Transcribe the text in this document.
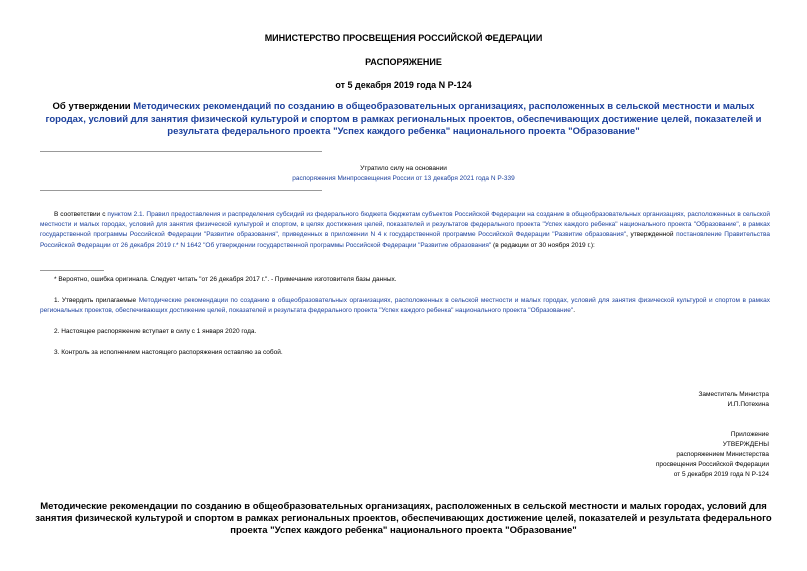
МИНИСТЕРСТВО ПРОСВЕЩЕНИЯ РОССИЙСКОЙ ФЕДЕРАЦИИ
РАСПОРЯЖЕНИЕ
от 5 декабря 2019 года N Р-124
Об утверждении Методических рекомендаций по созданию в общеобразовательных организациях, расположенных в сельской местности и малых городах, условий для занятия физической культурой и спортом в рамках региональных проектов, обеспечивающих достижение целей, показателей и результата федерального проекта "Успех каждого ребенка" национального проекта "Образование"
Утратило силу на основании
распоряжения Минпросвещения России от 13 декабря 2021 года N Р-339
В соответствии с пунктом 2.1. Правил предоставления и распределения субсидий из федерального бюджета бюджетам субъектов Российской Федерации на создание в общеобразовательных организациях, расположенных в сельской местности и малых городах, условий для занятия физической культурой и спортом, в целях достижения целей, показателей и результатов федерального проекта "Успех каждого ребенка" национального проекта "Образование", в рамках государственной программы Российской Федерации "Развитие образования", приведенных в приложении N 4 к государственной программе Российской Федерации "Развитие образования", утвержденной постановление Правительства Российской Федерации от 26 декабря 2019 г.* N 1642 "Об утверждении государственной программы Российской Федерации "Развитие образования" (в редакции от 30 ноября 2019 г.):
* Вероятно, ошибка оригинала. Следует читать "от 26 декабря 2017 г.". - Примечание изготовителя базы данных.
1. Утвердить прилагаемые Методические рекомендации по созданию в общеобразовательных организациях, расположенных в сельской местности и малых городах, условий для занятия физической культурой и спортом в рамках региональных проектов, обеспечивающих достижение целей, показателей и результата федерального проекта "Успех каждого ребенка" национального проекта "Образование".
2. Настоящее распоряжение вступает в силу с 1 января 2020 года.
3. Контроль за исполнением настоящего распоряжения оставляю за собой.
Заместитель Министра
И.П.Потехина
Приложение
УТВЕРЖДЕНЫ
распоряжением Министерства
просвещения Российской Федерации
от 5 декабря 2019 года N Р-124
Методические рекомендации по созданию в общеобразовательных организациях, расположенных в сельской местности и малых городах, условий для занятия физической культурой и спортом в рамках региональных проектов, обеспечивающих достижение целей, показателей и результата федерального проекта "Успех каждого ребенка" национального проекта "Образование"
